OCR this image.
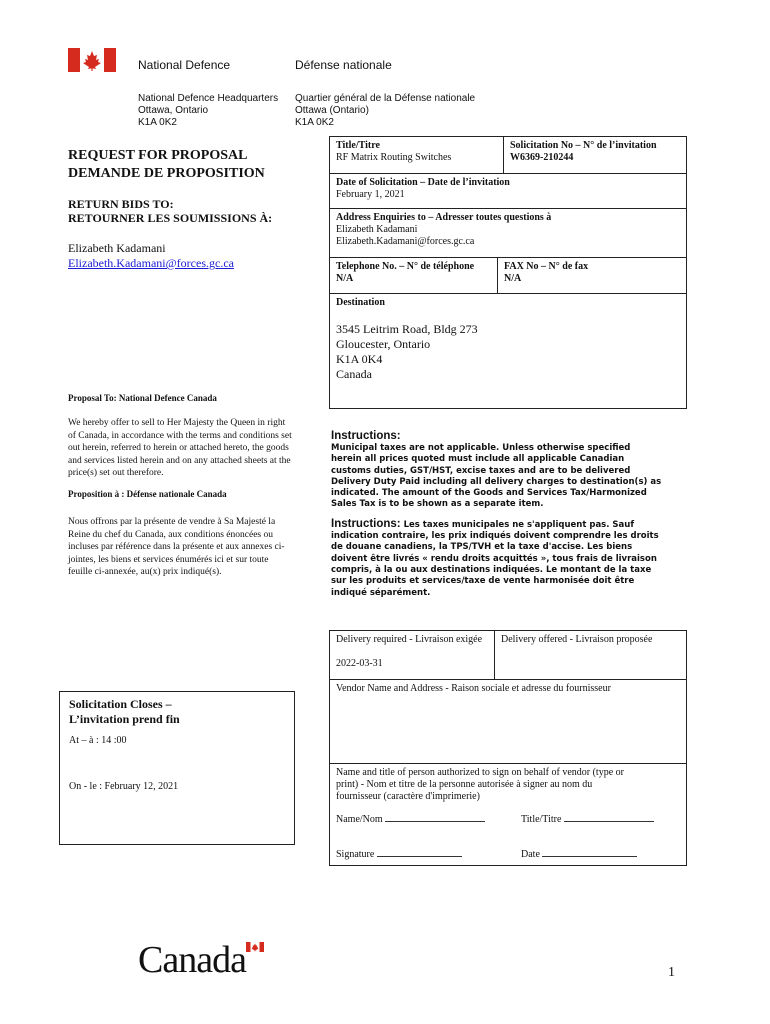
National Defence	Défense nationale
National Defence Headquarters
Ottawa, Ontario
K1A 0K2
Quartier général de la Défense nationale
Ottawa (Ontario)
K1A 0K2
REQUEST FOR PROPOSAL
DEMANDE DE PROPOSITION
RETURN BIDS TO:
RETOURNER LES SOUMISSIONS À:
Elizabeth Kadamani
Elizabeth.Kadamani@forces.gc.ca
Title/Titre
RF Matrix Routing Switches
Solicitation No – N° de l’invitation
W6369-210244
Date of Solicitation – Date de l’invitation
February 1, 2021
Address Enquiries to – Adresser toutes questions à
Elizabeth Kadamani
Elizabeth.Kadamani@forces.gc.ca
Telephone No. – N° de téléphone
N/A
FAX No – N° de fax
N/A
Destination
3545 Leitrim Road, Bldg 273
Gloucester, Ontario
K1A 0K4
Canada
Proposal To: National Defence Canada
We hereby offer to sell to Her Majesty the Queen in right of Canada, in accordance with the terms and conditions set out herein, referred to herein or attached hereto, the goods and services listed herein and on any attached sheets at the price(s) set out therefore.
Proposition à : Défense nationale Canada
Nous offrons par la présente de vendre à Sa Majesté la Reine du chef du Canada, aux conditions énoncées ou incluses par référence dans la présente et aux annexes ci-jointes, les biens et services énumérés ici et sur toute feuille ci-annexée, au(x) prix indiqué(s).
Instructions:
Municipal taxes are not applicable. Unless otherwise specified herein all prices quoted must include all applicable Canadian customs duties, GST/HST, excise taxes and are to be delivered Delivery Duty Paid including all delivery charges to destination(s) as indicated. The amount of the Goods and Services Tax/Harmonized Sales Tax is to be shown as a separate item.
Instructions: Les taxes municipales ne s'appliquent pas. Sauf indication contraire, les prix indiqués doivent comprendre les droits de douane canadiens, la TPS/TVH et la taxe d'accise. Les biens doivent être livrés « rendu droits acquittés », tous frais de livraison compris, à la ou aux destinations indiquées. Le montant de la taxe sur les produits et services/taxe de vente harmonisée doit être indiqué séparément.
Delivery required - Livraison exigée
2022-03-31
Delivery offered - Livraison proposée
Vendor Name and Address - Raison sociale et adresse du fournisseur
Name and title of person authorized to sign on behalf of vendor (type or print) - Nom et titre de la personne autorisée à signer au nom du fournisseur (caractère d'imprimerie)
Name/Nom	Title/Titre
Signature	Date
Solicitation Closes –
L’invitation prend fin
At – à : 14 :00
On - le : February 12, 2021
Canada	1
